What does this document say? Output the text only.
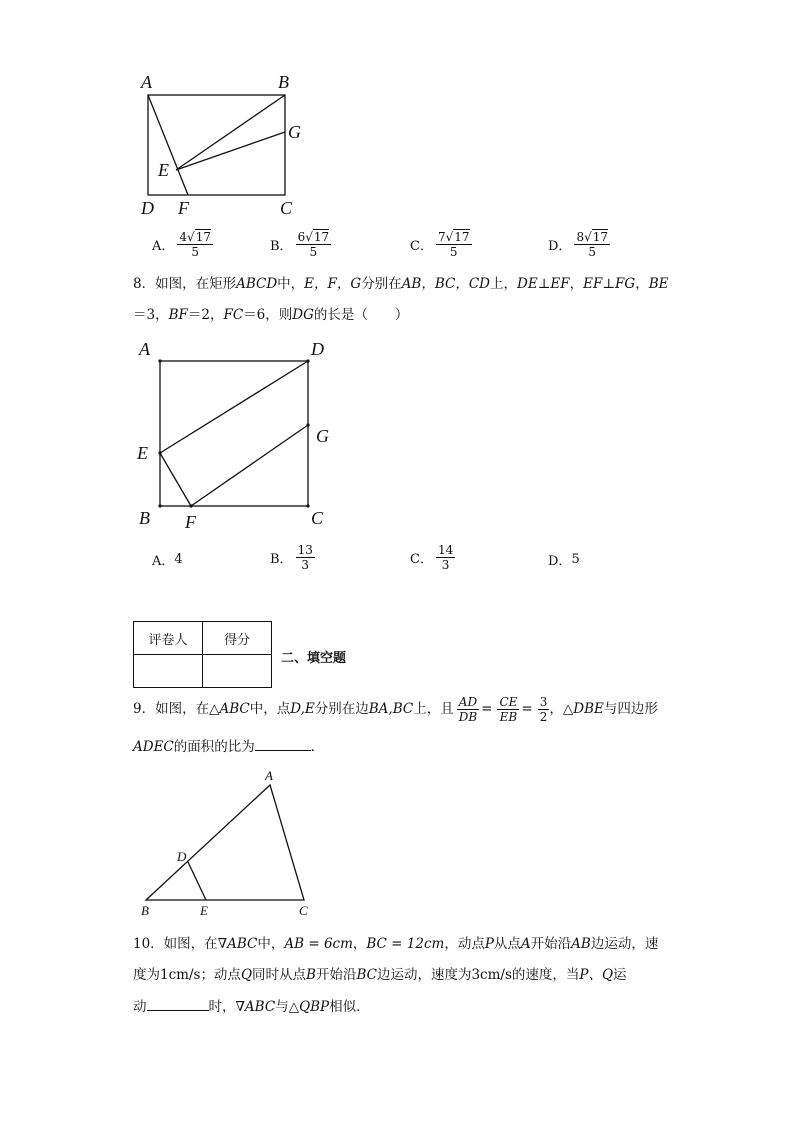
A	B
G
E
D F	C
A． $\frac{4√17}{5}$	B． $\frac{6√17}{5}$	C． $\frac{7√17}{5}$	D． $\frac{8√17}{5}$
8．如图，在矩形ABCD中，E，F，G分别在AB，BC，CD上，DE⊥EF，EF⊥FG，BE
＝3，BF＝2，FC＝6，则DG的长是（　　）
A	D
G
E
B F	C
A． 4	B． $\frac{13}{3}$	C． $\frac{14}{3}$	D． 5
评卷人	得分

二、填空题
9．如图，在 △ABC 中，点 D,E 分别在边 BA,BC 上，且 $\frac{AD}{DB} = \frac{CE}{EB} = \frac{3}{2}$ ， △DBE 与四边形
ADEC的面积的比为	．
A
D
B	E	C
10．如图，在∇ABC中，AB = 6cm，BC = 12cm，动点P从点A开始沿AB边运动，速
度为1cm/s；动点Q同时从点B开始沿BC边运动，速度为3cm/s的速度，当P、Q运
动	时，∇ABC与△QBP相似．
